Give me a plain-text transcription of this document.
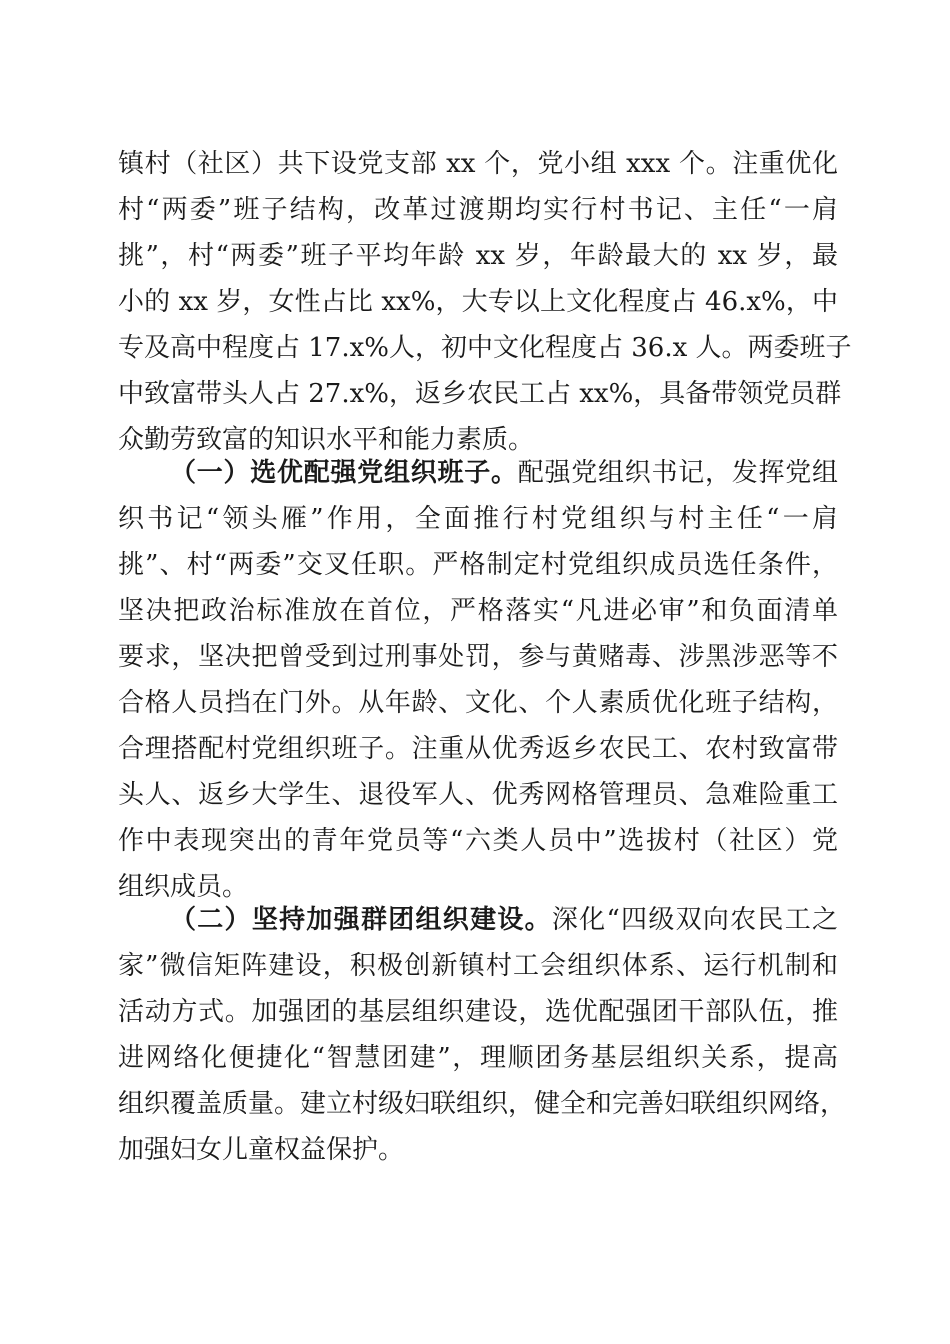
镇村（社区）共下设党支部 xx 个，党小组 xxx 个。注重优化
村“两委”班子结构，改革过渡期均实行村书记、主任“一肩
挑”，村“两委”班子平均年龄 xx 岁，年龄最大的 xx 岁，最
小的 xx 岁，女性占比 xx%，大专以上文化程度占 46.x%，中
专及高中程度占 17.x%人，初中文化程度占 36.x 人。两委班子
中致富带头人占 27.x%，返乡农民工占 xx%，具备带领党员群
众勤劳致富的知识水平和能力素质。
（一）选优配强党组织班子。配强党组织书记，发挥党组
织书记“领头雁”作用，全面推行村党组织与村主任“一肩
挑”、村“两委”交叉任职。严格制定村党组织成员选任条件，
坚决把政治标准放在首位，严格落实“凡进必审”和负面清单
要求，坚决把曾受到过刑事处罚，参与黄赌毒、涉黑涉恶等不
合格人员挡在门外。从年龄、文化、个人素质优化班子结构，
合理搭配村党组织班子。注重从优秀返乡农民工、农村致富带
头人、返乡大学生、退役军人、优秀网格管理员、急难险重工
作中表现突出的青年党员等“六类人员中”选拔村（社区）党
组织成员。
（二）坚持加强群团组织建设。深化“四级双向农民工之
家”微信矩阵建设，积极创新镇村工会组织体系、运行机制和
活动方式。加强团的基层组织建设，选优配强团干部队伍，推
进网络化便捷化“智慧团建”，理顺团务基层组织关系，提高
组织覆盖质量。建立村级妇联组织，健全和完善妇联组织网络，
加强妇女儿童权益保护。
